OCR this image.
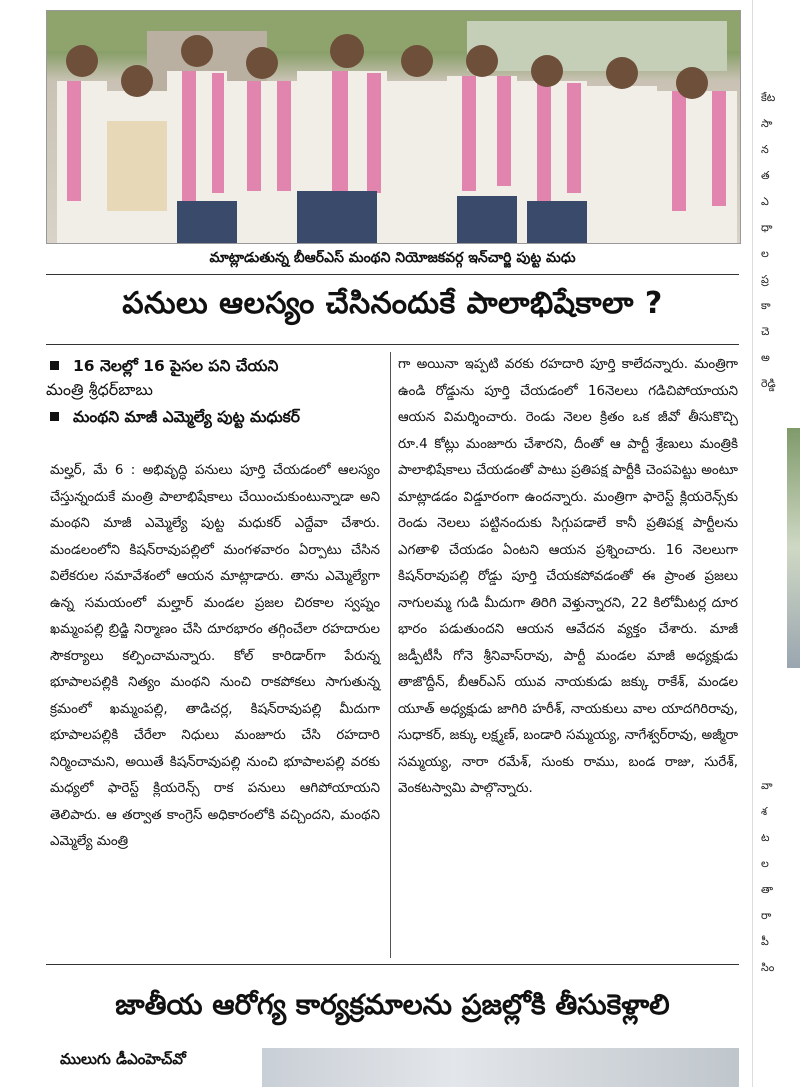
మాట్లాడుతున్న బీఆర్ఎస్ మంథని నియోజకవర్గ ఇన్‌చార్జి పుట్ట మధు
పనులు ఆలస్యం చేసినందుకే పాలాభిషేకాలా ?
16 నెలల్లో 16 పైసల పని చేయని
మంత్రి శ్రీధర్‌బాబు
మంథని మాజీ ఎమ్మెల్యే పుట్ట మధుకర్
మల్హర్, మే 6 : అభివృద్ధి పనులు పూర్తి చేయడంలో ఆలస్యం చేస్తున్నందుకే మంత్రి పాలాభిషేకాలు చేయించుకుంటున్నాడా అని మంథని మాజీ ఎమ్మెల్యే పుట్ట మధుకర్ ఎద్దేవా చేశారు. మండలంలోని కిషన్‌రావుపల్లిలో మంగళవారం ఏర్పాటు చేసిన విలేకరుల సమావేశంలో ఆయన మాట్లాడారు. తాను ఎమ్మెల్యేగా ఉన్న సమయంలో మల్హార్ మండల ప్రజల చిరకాల స్వప్నం ఖమ్మంపల్లి బ్రిడ్జి నిర్మాణం చేసి దూరభారం తగ్గించేలా రహదారుల సౌకర్యాలు కల్పించామన్నారు. కోల్ కారిడార్‌గా పేరున్న భూపాలపల్లికి నిత్యం మంథని నుంచి రాకపోకలు సాగుతున్న క్రమంలో ఖమ్మంపల్లి, తాడిచర్ల, కిషన్‌రావుపల్లి మీదుగా భూపాలపల్లికి చేరేలా నిధులు మంజూరు చేసి రహదారి నిర్మించామని, అయితే కిషన్‌రావుపల్లి నుంచి భూపాలపల్లి వరకు మధ్యలో ఫారెస్ట్ క్లియరెన్స్ రాక పనులు ఆగిపోయాయని తెలిపారు. ఆ తర్వాత కాంగ్రెస్ అధికారంలోకి వచ్చిందని, మంథని ఎమ్మెల్యే మంత్రి
గా అయినా ఇప్పటి వరకు రహదారి పూర్తి కాలేదన్నారు. మంత్రిగా ఉండి రోడ్డును పూర్తి చేయడంలో 16నెలలు గడిచిపోయాయని ఆయన విమర్శించారు. రెండు నెలల క్రితం ఒక జీవో తీసుకొచ్చి రూ.4 కోట్లు మంజూరు చేశారని, దీంతో ఆ పార్టీ శ్రేణులు మంత్రికి పాలాభిషేకాలు చేయడంతో పాటు ప్రతిపక్ష పార్టీకి చెంపపెట్టు అంటూ మాట్లాడడం విడ్డూరంగా ఉందన్నారు. మంత్రిగా ఫారెస్ట్ క్లియరెన్స్‌కు రెండు నెలలు పట్టినందుకు సిగ్గుపడాలే కానీ ప్రతిపక్ష పార్టీలను ఎగతాళి చేయడం ఏంటని ఆయన ప్రశ్నించారు. 16 నెలలుగా కిషన్‌రావుపల్లి రోడ్డు పూర్తి చేయకపోవడంతో ఈ ప్రాంత ప్రజలు నాగులమ్మ గుడి మీదుగా తిరిగి వెళ్తున్నారని, 22 కిలోమీటర్ల దూర భారం పడుతుందని ఆయన ఆవేదన వ్యక్తం చేశారు. మాజీ జడ్పీటీసీ గోనె శ్రీనివాస్‌రావు, పార్టీ మండల మాజీ అధ్యక్షుడు తాజొద్దీన్, బీఆర్ఎస్ యువ నాయకుడు జక్కు రాకేశ్, మండల యూత్ అధ్యక్షుడు జాగిరి హరీశ్, నాయకులు వాల యాదగిరిరావు, సుధాకర్, జక్కు లక్ష్మణ్, బండారి సమ్మయ్య, నాగేశ్వర్‌రావు, అజ్మీరా సమ్మయ్య, నారా రమేశ్, సుంకు రాము, బండ రాజు, సురేశ్, వెంకటస్వామి పాల్గొన్నారు.
జాతీయ ఆరోగ్య కార్యక్రమాలను ప్రజల్లోకి తీసుకెళ్లాలి
ములుగు డీఎంహెచ్‌వో
కేట
సా
న
త
ఎ
ధా
ల
ప్ర
కా
చె
అ
రెడ్డి
వా
శ
ట
ల
తా
రా
పీ
సిం
